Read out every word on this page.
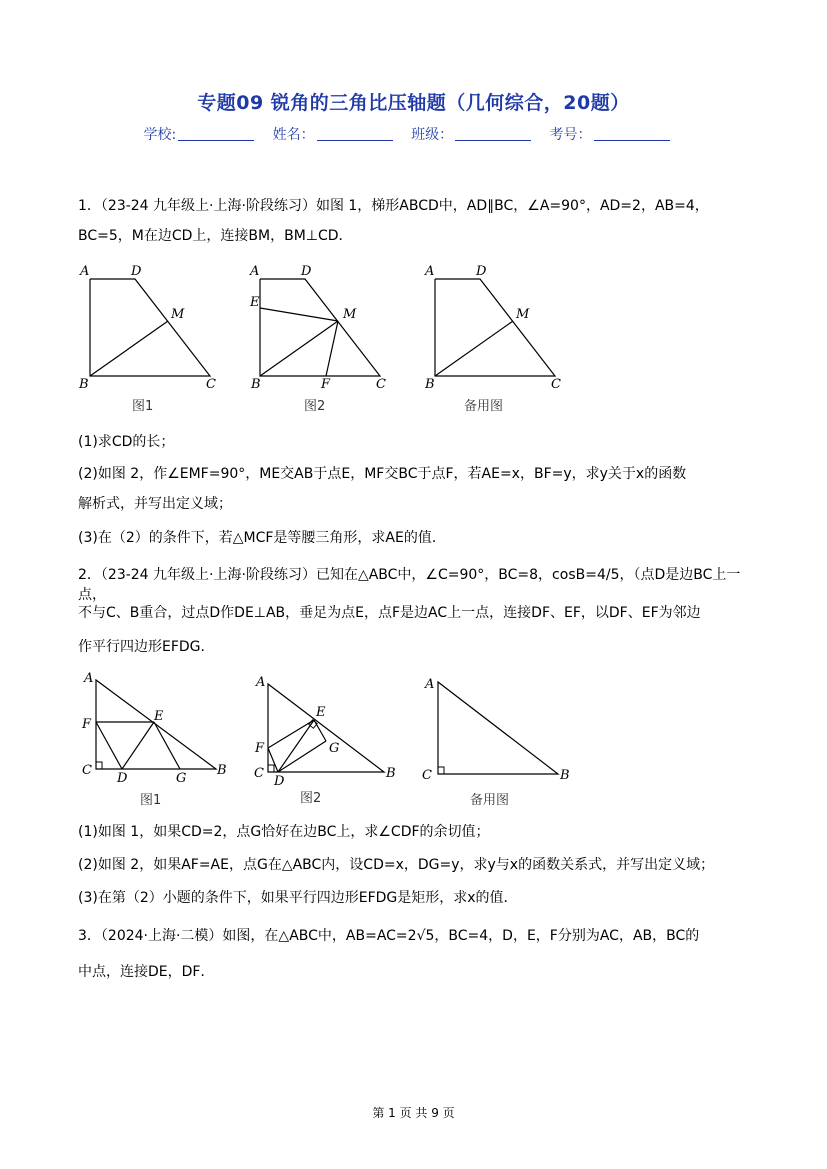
专题09 锐角的三角比压轴题（几何综合，20题）
学校:	姓名：	班级：	考号：
1．（23-24 九年级上·上海·阶段练习）如图 1，梯形ABCD中，AD∥BC，∠A=90°，AD=2，AB=4，
BC=5，M在边CD上，连接BM，BM⊥CD．
A	D
M
B	C
图1
A	D
E
M
B	F	C
图2
A	D
M
B	C
备用图
(1)求CD的长；
(2)如图 2，作∠EMF=90°，ME交AB于点E，MF交BC于点F，若AE=x，BF=y，求y关于x的函数
解析式，并写出定义域；
(3)在（2）的条件下，若△MCF是等腰三角形，求AE的值．
2．（23-24 九年级上·上海·阶段练习）已知在△ABC中，∠C=90°，BC=8，cosB=4/5，（点D是边BC上一点，
不与C、B重合，过点D作DE⊥AB，垂足为点E，点F是边AC上一点，连接DF、EF，以DF、EF为邻边
作平行四边形EFDG．
A
F
E
C
D	G
B
图1
A
E
F	G
C
D
B
图2
A
C	B
备用图
(1)如图 1，如果CD=2，点G恰好在边BC上，求∠CDF的余切值；
(2)如图 2，如果AF=AE，点G在△ABC内，设CD=x，DG=y，求y与x的函数关系式，并写出定义域；
(3)在第（2）小题的条件下，如果平行四边形EFDG是矩形，求x的值．
3．（2024·上海·二模）如图，在△ABC中，AB=AC=2√5，BC=4，D，E，F分别为AC，AB，BC的
中点，连接DE，DF．
第 1 页 共 9 页
